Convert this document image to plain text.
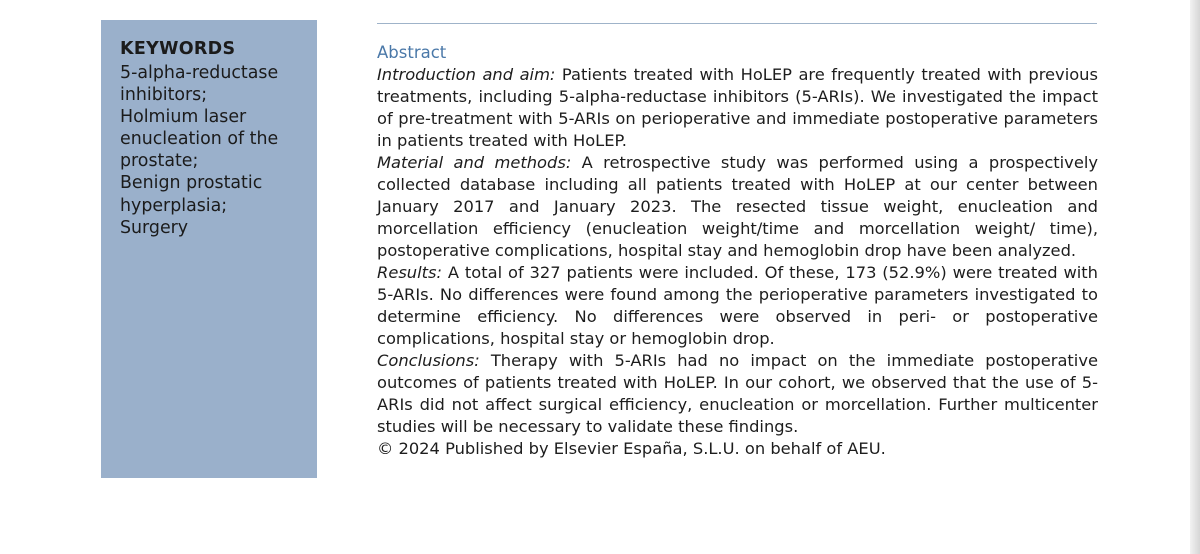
KEYWORDS
5-alpha-reductase
inhibitors;
Holmium laser
enucleation of the
prostate;
Benign prostatic
hyperplasia;
Surgery
Abstract

Introduction and aim: Patients treated with HoLEP are frequently treated with previous treatments, including 5-alpha-reductase inhibitors (5-ARIs). We investigated the impact of pre-treatment with 5-ARIs on perioperative and immediate postoperative parameters in patients treated with HoLEP.

Material and methods: A retrospective study was performed using a prospectively collected database including all patients treated with HoLEP at our center between January 2017 and January 2023. The resected tissue weight, enucleation and morcellation efficiency (enucleation weight/time and morcellation weight/ time), postoperative complications, hospital stay and hemoglobin drop have been analyzed.

Results: A total of 327 patients were included. Of these, 173 (52.9%) were treated with 5-ARIs. No differences were found among the perioperative parameters investigated to determine efficiency. No differences were observed in peri- or postoperative complications, hospital stay or hemoglobin drop.

Conclusions: Therapy with 5-ARIs had no impact on the immediate postoperative outcomes of patients treated with HoLEP. In our cohort, we observed that the use of 5-ARIs did not affect surgical efficiency, enucleation or morcellation. Further multicenter studies will be necessary to validate these findings.

© 2024 Published by Elsevier España, S.L.U. on behalf of AEU.
